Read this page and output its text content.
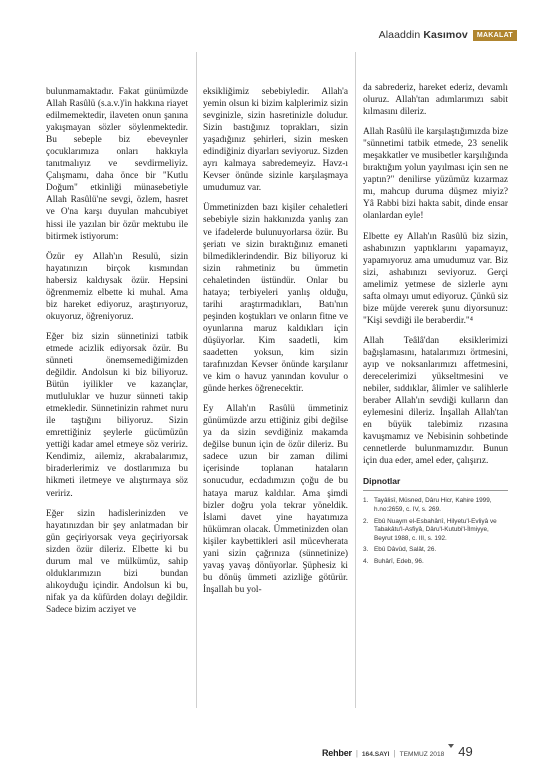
Alaaddin Kasımov	MAKALAT

bulunmamaktadır. Fakat günümüzde Allah Rasûlü (s.a.v.)'in hakkına riayet edilmemektedir, ilaveten onun şanına yakışmayan sözler söylenmektedir. Bu sebeple biz ebeveynler çocuklarımıza onları hakkıyla tanıtmalıyız ve sevdirmeliyiz. Çalışmamı, daha önce bir "Kutlu Doğum" etkinliği münasebetiyle Allah Rasûlü'ne sevgi, özlem, hasret ve O'na karşı duyulan mahcubiyet hissi ile yazılan bir özür mektubu ile bitirmek istiyorum:

Özür ey Allah'ın Resulü, sizin hayatınızın birçok kısmından habersiz kaldıysak özür. Hepsini öğrenmemiz elbette ki muhal. Ama biz hareket ediyoruz, araştırıyoruz, okuyoruz, öğreniyoruz.

Eğer biz sizin sünnetinizi tatbik etmede acizlik ediyorsak özür. Bu sünneti önemsemediğimizden değildir. Andolsun ki biz biliyoruz. Bütün iyilikler ve kazançlar, mutluluklar ve huzur sünneti takip etmekledir. Sünnetinizin rahmet nuru ile taştığını biliyoruz. Sizin emrettiğiniz şeylerle gücümüzün yettiği kadar amel etmeye söz veririz. Kendimiz, ailemiz, akrabalarımız, biraderlerimiz ve dostlarımıza bu hikmeti iletmeye ve alıştırmaya söz veririz.

Eğer sizin hadislerinizden ve hayatınızdan bir şey anlatmadan bir gün geçiriyorsak veya geçiriyorsak sizden özür dileriz. Elbette ki bu durum mal ve mülkümüz, sahip olduklarımızın bizi bundan alıkoyduğu içindir. Andolsun ki bu, nifak ya da küfürden dolayı değildir. Sadece bizim acziyet ve

eksikliğimiz sebebiyledir. Allah'a yemin olsun ki bizim kalplerimiz sizin sevginizle, sizin hasretinizle doludur. Sizin bastığınız toprakları, sizin yaşadığınız şehirleri, sizin mesken edindiğiniz diyarları seviyoruz. Sizden ayrı kalmaya sabredemeyiz. Havz-ı Kevser önünde sizinle karşılaşmaya umudumuz var.

Ümmetinizden bazı kişiler cehaletleri sebebiyle sizin hakkınızda yanlış zan ve ifadelerde bulunuyorlarsa özür. Bu şeriatı ve sizin bıraktığınız emaneti bilmediklerindendir. Biz biliyoruz ki sizin rahmetiniz bu ümmetin cehaletinden üstündür. Onlar bu hataya; terbiyeleri yanlış olduğu, tarihi araştırmadıkları, Batı'nın peşinden koştukları ve onların fitne ve oyunlarına maruz kaldıkları için düşüyorlar. Kim saadetli, kim saadetten yoksun, kim sizin tarafınızdan Kevser önünde karşılanır ve kim o havuz yanından kovulur o günde herkes öğrenecektir.

Ey Allah'ın Rasûlü ümmetiniz günümüzde arzu ettiğiniz gibi değilse ya da sizin sevdiğiniz makamda değilse bunun için de özür dileriz. Bu sadece uzun bir zaman dilimi içerisinde toplanan hataların sonucudur, ecdadımızın çoğu de bu hataya maruz kaldılar. Ama şimdi bizler doğru yola tekrar yöneldik. İslami davet yine hayatımıza hükümran olacak. Ümmetinizden olan kişiler kaybettikleri asil mücevherata yani sizin çağrınıza (sünnetinize) yavaş yavaş dönüyorlar. Şüphesiz ki bu dönüş ümmeti azizliğe götürür. İnşallah bu yol-

da sabrederiz, hareket ederiz, devamlı oluruz. Allah'tan adımlarımızı sabit kılmasını dileriz.

Allah Rasûlü ile karşılaştığımızda bize "sünnetimi tatbik etmede, 23 senelik meşakkatler ve musibetler karşılığında bıraktığım yolun yayılması için sen ne yaptın?" denilirse yüzümüz kızarmaz mı, mahcup duruma düşmez miyiz? Yâ Rabbi bizi hakta sabit, dinde ensar olanlardan eyle!

Elbette ey Allah'ın Rasûlü biz sizin, ashabınızın yaptıklarını yapamayız, yapamıyoruz ama umudumuz var. Biz sizi, ashabınızı seviyoruz. Gerçi amelimiz yetmese de sizlerle aynı safta olmayı umut ediyoruz. Çünkü siz bize müjde vererek şunu diyorsunuz: "Kişi sevdiği ile beraberdir."⁴

Allah Teâlâ'dan eksiklerimizi bağışlamasını, hatalarımızı örtmesini, ayıp ve noksanlarımızı affetmesini, derecelerimizi yükseltmesini ve nebiler, sıddıklar, âlimler ve salihlerle beraber Allah'ın sevdiği kulların dan eylemesini dileriz. İnşallah Allah'tan en büyük talebimiz rızasına kavuşmamız ve Nebisinin sohbetinde cennetlerde bulunmamızdır. Bunun için dua eder, amel eder, çalışırız.

Dipnotlar
1. Tayâlisî, Müsned, Dâru Hicr, Kahire 1999, h.no:2659, c. IV, s. 269.
2. Ebû Nuaym el-Esbahânî, Hilyetu'l-Evliyâ ve Tabakâtu'l-Asfiyâ, Dâru'l-Kutubi'l-İlmiyye, Beyrut 1988, c. III, s. 192.
3. Ebû Dâvûd, Salât, 26.
4. Buhârî, Edeb, 96.
Rehber | 164.SAYI | TEMMUZ 2018 49
